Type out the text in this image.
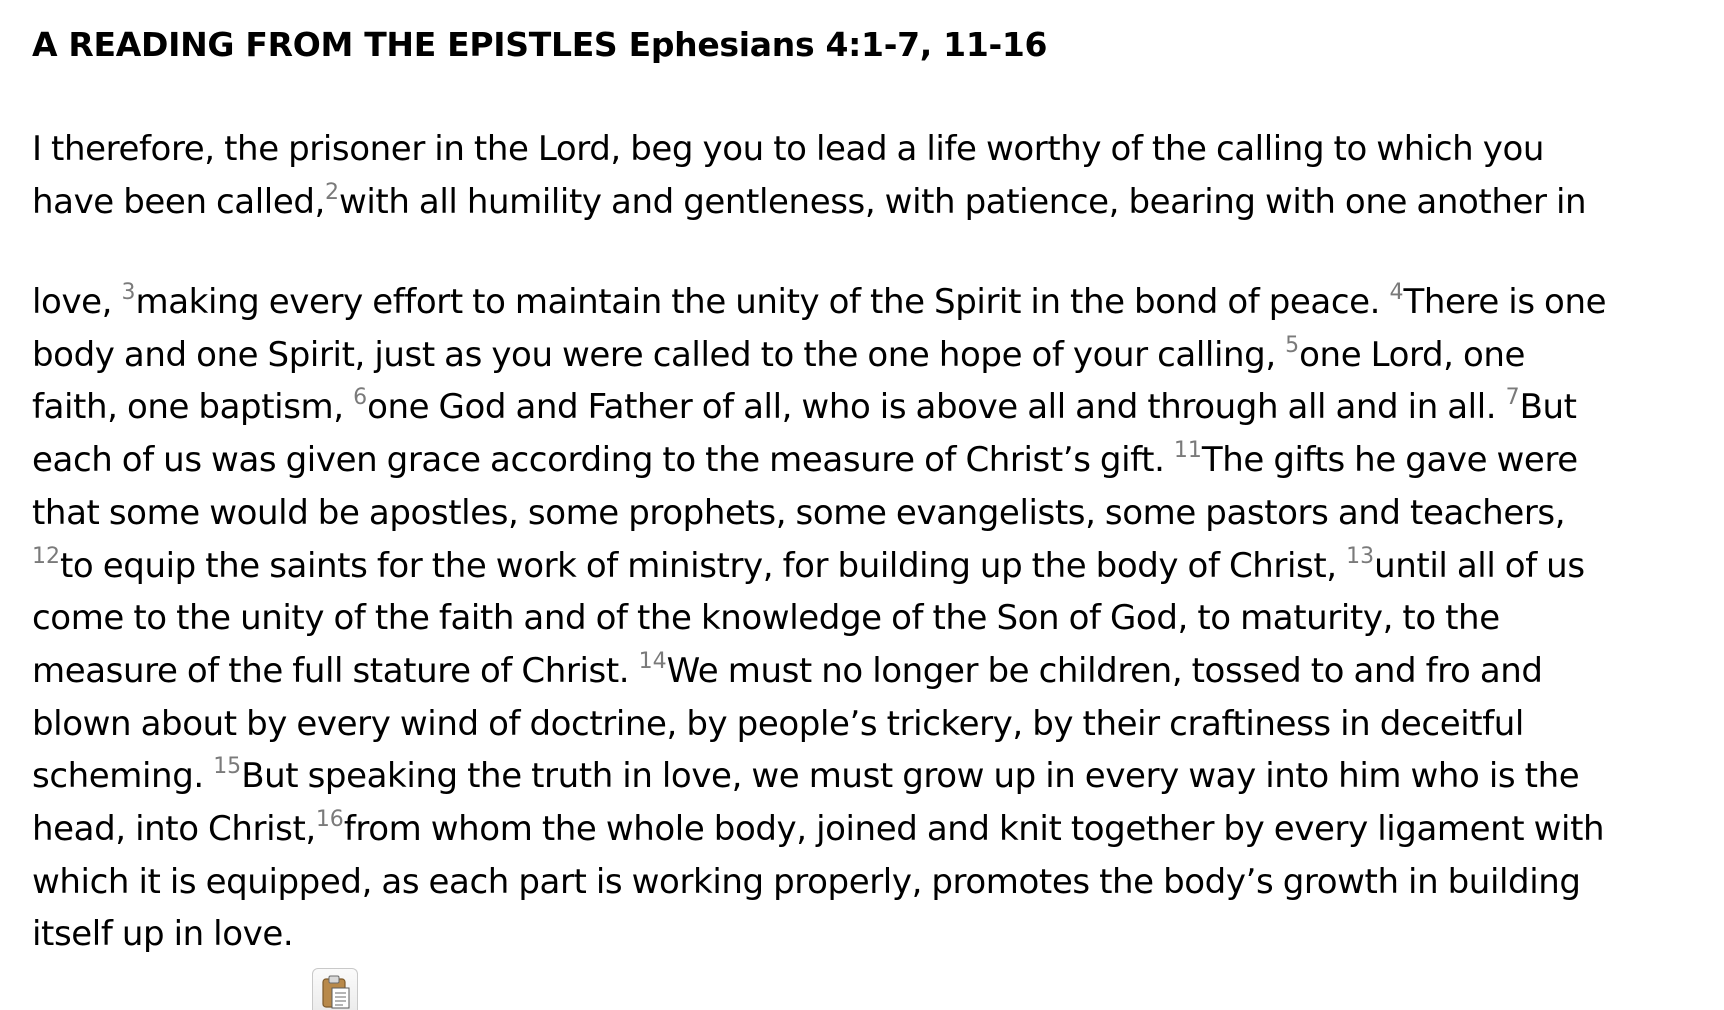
A READING FROM THE EPISTLES Ephesians 4:1-7, 11-16

I therefore, the prisoner in the Lord, beg you to lead a life worthy of the calling to which you
have been called,$^2$with all humility and gentleness, with patience, bearing with one another in

love, $^3$making every effort to maintain the unity of the Spirit in the bond of peace. $^4$There is one
body and one Spirit, just as you were called to the one hope of your calling, $^5$one Lord, one
faith, one baptism, $^6$one God and Father of all, who is above all and through all and in all. $^7$But
each of us was given grace according to the measure of Christ’s gift. $^{11}$The gifts he gave were
that some would be apostles, some prophets, some evangelists, some pastors and teachers,
$^{12}$to equip the saints for the work of ministry, for building up the body of Christ, $^{13}$until all of us
come to the unity of the faith and of the knowledge of the Son of God, to maturity, to the
measure of the full stature of Christ. $^{14}$We must no longer be children, tossed to and fro and
blown about by every wind of doctrine, by people’s trickery, by their craftiness in deceitful
scheming. $^{15}$But speaking the truth in love, we must grow up in every way into him who is the
head, into Christ,$^{16}$from whom the whole body, joined and knit together by every ligament with
which it is equipped, as each part is working properly, promotes the body’s growth in building
itself up in love.
